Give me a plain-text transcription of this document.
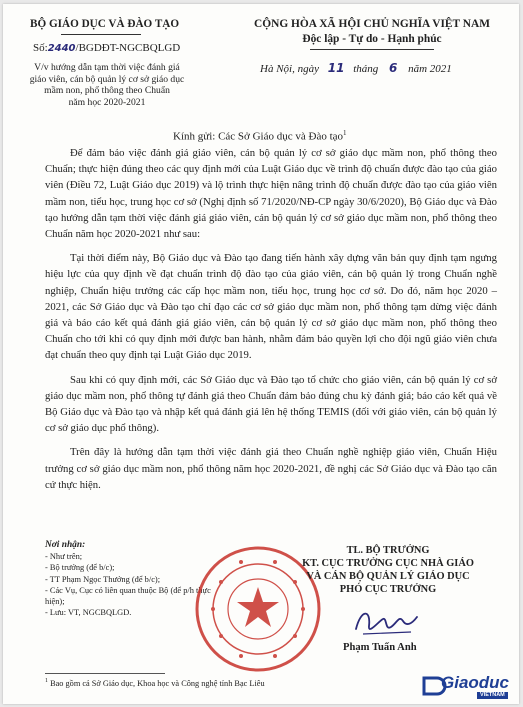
BỘ GIÁO DỤC VÀ ĐÀO TẠO
Số:2440/BGDĐT-NGCBQLGD
V/v hướng dẫn tạm thời việc đánh giá
giáo viên, cán bộ quản lý cơ sở giáo dục
mầm non, phổ thông theo Chuẩn
năm học 2020-2021
CỘNG HÒA XÃ HỘI CHỦ NGHĨA VIỆT NAM
Độc lập - Tự do - Hạnh phúc
Hà Nội, ngày 11 tháng 6 năm 2021
Kính gửi: Các Sở Giáo dục và Đào tạo$^1$

Để đảm bảo việc đánh giá giáo viên, cán bộ quản lý cơ sở giáo dục mầm non, phổ thông theo Chuẩn; thực hiện đúng theo các quy định mới của Luật Giáo dục về trình độ chuẩn được đào tạo của giáo viên (Điều 72, Luật Giáo dục 2019) và lộ trình thực hiện nâng trình độ chuẩn được đào tạo của giáo viên mầm non, tiểu học, trung học cơ sở (Nghị định số 71/2020/NĐ-CP ngày 30/6/2020), Bộ Giáo dục và Đào tạo hướng dẫn tạm thời việc đánh giá giáo viên, cán bộ quản lý cơ sở giáo dục mầm non, phổ thông theo Chuẩn năm học 2020-2021 như sau:

Tại thời điểm này, Bộ Giáo dục và Đào tạo đang tiến hành xây dựng văn bản quy định tạm ngưng hiệu lực của quy định về đạt chuẩn trình độ đào tạo của giáo viên, cán bộ quản lý trong Chuẩn nghề nghiệp, Chuẩn hiệu trưởng các cấp học mầm non, tiểu học, trung học cơ sở. Do đó, năm học 2020 – 2021, các Sở Giáo dục và Đào tạo chỉ đạo các cơ sở giáo dục mầm non, phổ thông tạm dừng việc đánh giá và báo cáo kết quả đánh giá giáo viên, cán bộ quản lý cơ sở giáo dục mầm non, phổ thông theo Chuẩn cho tới khi có quy định mới được ban hành, nhằm đảm bảo quyền lợi cho đội ngũ giáo viên chưa đạt chuẩn theo quy định tại Luật Giáo dục 2019.

Sau khi có quy định mới, các Sở Giáo dục và Đào tạo tổ chức cho giáo viên, cán bộ quản lý cơ sở giáo dục mầm non, phổ thông tự đánh giá theo Chuẩn đảm bảo đúng chu kỳ đánh giá; báo cáo kết quả về Bộ Giáo dục và Đào tạo và nhập kết quả đánh giá lên hệ thống TEMIS (đối với giáo viên, cán bộ quản lý cơ sở giáo dục phổ thông).

Trên đây là hướng dẫn tạm thời việc đánh giá theo Chuẩn nghề nghiệp giáo viên, Chuẩn Hiệu trưởng cơ sở giáo dục mầm non, phổ thông năm học 2020-2021, đề nghị các Sở Giáo dục và Đào tạo căn cứ thực hiện.

Nơi nhận:
- Như trên;
- Bộ trưởng (để b/c);
- TT Phạm Ngọc Thưởng (để b/c);
- Các Vụ, Cục có liên quan thuộc Bộ (để p/h thực
hiện);
- Lưu: VT, NGCBQLGD.
TL. BỘ TRƯỞNG
KT. CỤC TRƯỞNG CỤC NHÀ GIÁO
VÀ CÁN BỘ QUẢN LÝ GIÁO DỤC
PHÓ CỤC TRƯỞNG
Phạm Tuấn Anh
$^1$ Bao gồm cả Sở Giáo dục, Khoa học và Công nghệ tỉnh Bạc Liêu	Giaoduc
VIETNAM
